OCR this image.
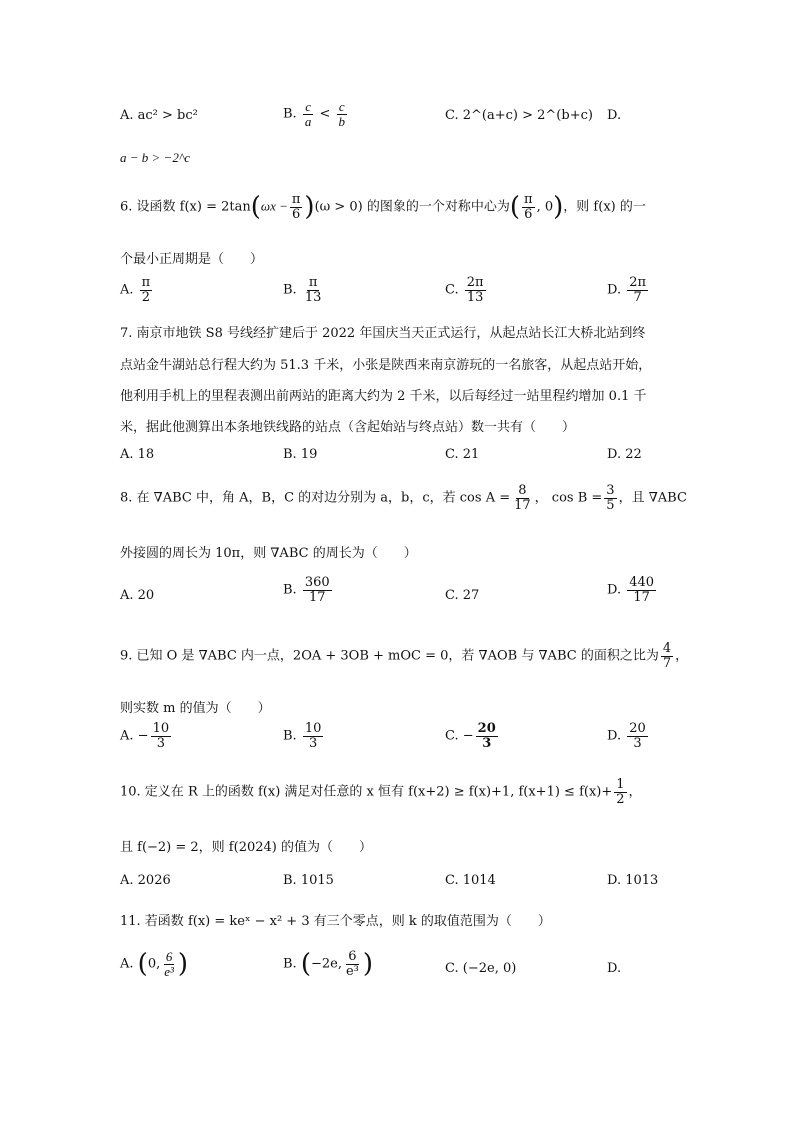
A. ac² > bc²	B. $\frac{c}{a} < \frac{c}{b}$	C. 2^(a+c) > 2^(b+c) D.
a − b > −2^c
6. 设函数 $f(x) = 2\tan(\omega x - \frac{\pi}{6} )(\omega > 0)$ 的图象的一个对称中心为( $\frac{\pi}{6}$ , 0)，则 f(x) 的一
个最小正周期是（　　）
A. $\frac{\pi}{2}$	B. $\frac{\pi}{13}$	C. $\frac{2\pi}{13}$	D. $\frac{2\pi}{7}$
7. 南京市地铁 S8 号线经扩建后于 2022 年国庆当天正式运行，从起点站长江大桥北站到终
点站金牛湖站总行程大约为 51.3 千米，小张是陕西来南京游玩的一名旅客，从起点站开始，
他利用手机上的里程表测出前两站的距离大约为 2 千米，以后每经过一站里程约增加 0.1 千
米，据此他测算出本条地铁线路的站点（含起始站与终点站）数一共有（　　）
A. 18	B. 19	C. 21	D. 22
8. 在 ∇ABC 中，角 A，B，C 的对边分别为 a，b，c，若 $\cos A = \frac{8}{17}$ ， $\cos B = \frac{3}{5}$ ，且 ∇ABC
外接圆的周长为 10π，则 ∇ABC 的周长为（　　）
A. 20	B. $\frac{360}{17}$	C. 27	D. $\frac{440}{17}$
9. 已知 O 是 ∇ABC 内一点，2OA + 3OB + mOC = 0，若 ∇AOB 与 ∇ABC 的面积之比为 $\frac{4}{7}$ ，
则实数 m 的值为（　　）
A. − $\frac{10}{3}$	B. $\frac{10}{3}$	C. − $\frac{20}{3}$	D. $\frac{20}{3}$
10. 定义在 R 上的函数 f(x) 满足对任意的 x 恒有 f(x+2) ≥ f(x)+1, $f(x+1) \le f(x)+ \frac{1}{2}$ ，
且 f(−2) = 2，则 f(2024) 的值为（　　）
A. 2026	B. 1015	C. 1014	D. 1013
11. 若函数 f(x) = keˣ − x² + 3 有三个零点，则 k 的取值范围为（　　）
A. (0, $\frac{6}{\text{e³}}$ )	B. (−2e, $\frac{6}{\text{e³}}$ )	C. (−2e, 0)	D.
